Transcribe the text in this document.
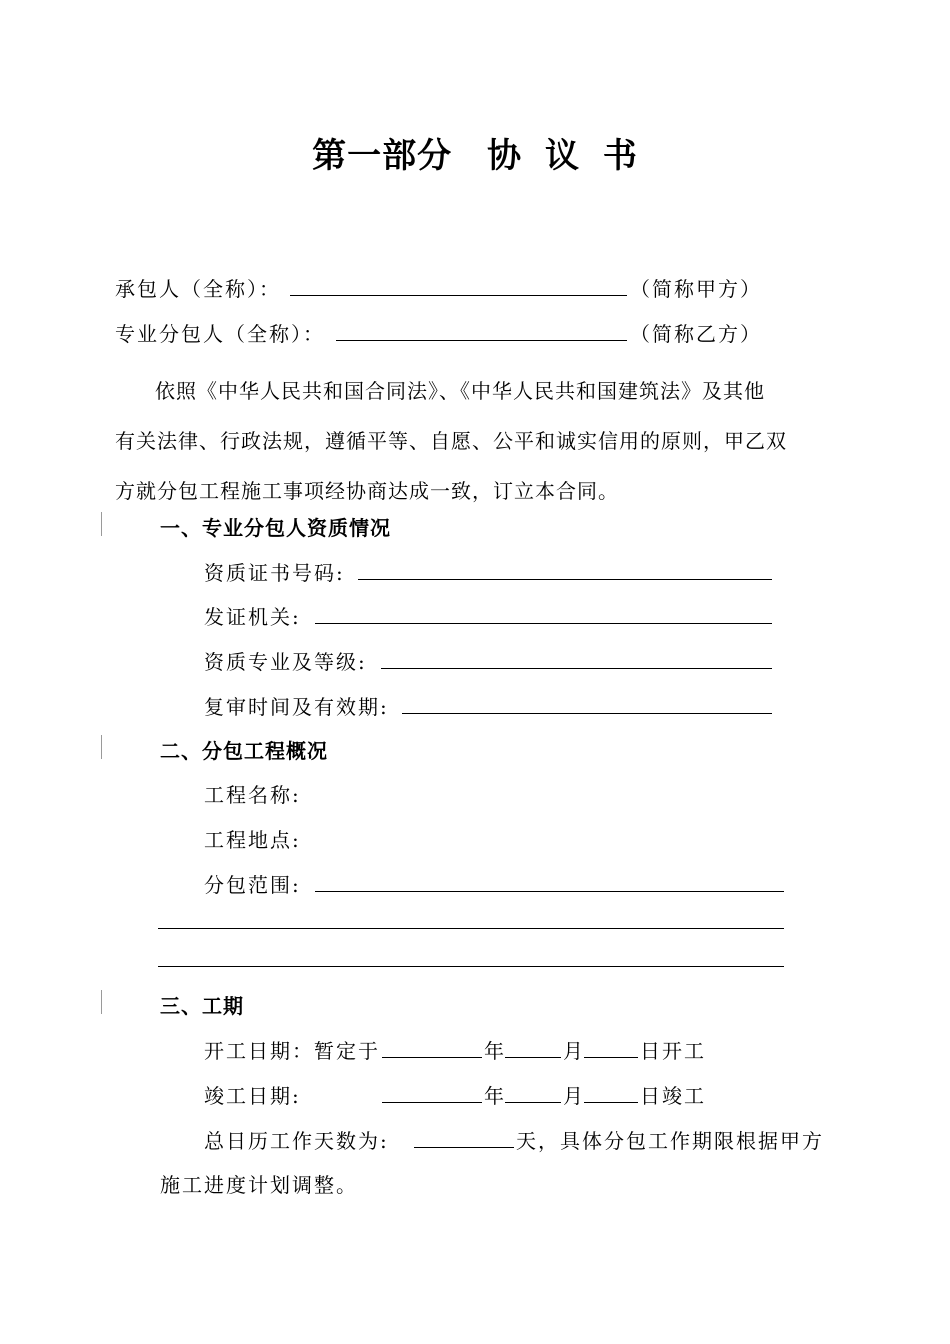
第一部分　协 议 书
承包人（全称）：	（简称甲方）
专业分包人（全称）：	（简称乙方）
依照《中华人民共和国合同法》、《中华人民共和国建筑法》及其他
有关法律、行政法规，遵循平等、自愿、公平和诚实信用的原则，甲乙双
方就分包工程施工事项经协商达成一致，订立本合同。
一、专业分包人资质情况
资质证书号码:
发证机关:
资质专业及等级:
复审时间及有效期:
二、分包工程概况
工程名称:
工程地点:
分包范围:
三、工期
开工日期：暂定于	年	月	日开工
竣工日期:	年	月	日竣工
总日历工作天数为:	天，具体分包工作期限根据甲方
施工进度计划调整。
